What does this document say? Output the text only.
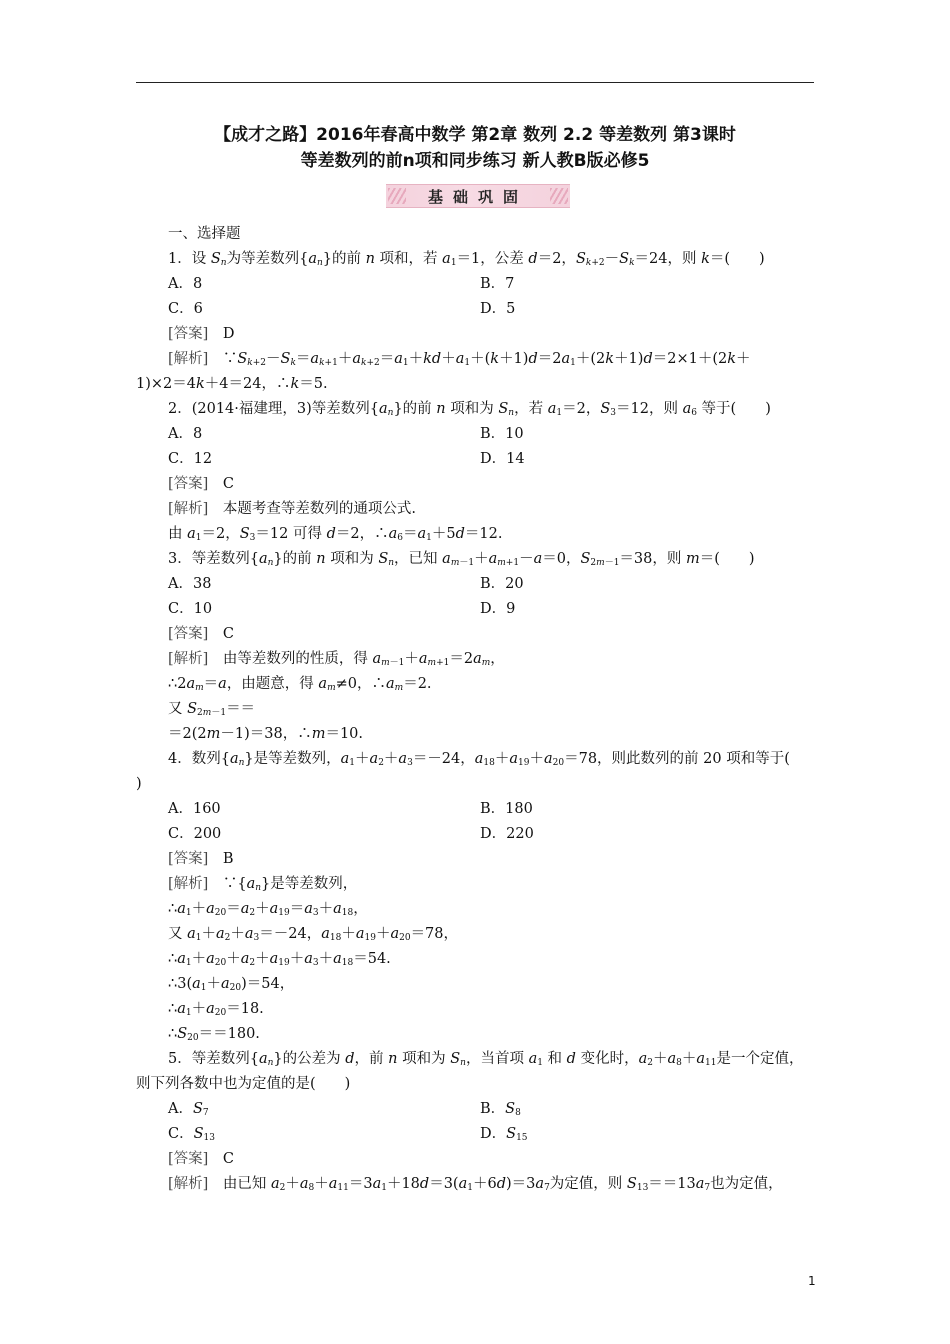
【成才之路】2016年春高中数学 第2章 数列 2.2 等差数列 第3课时
等差数列的前n项和同步练习 新人教B版必修5
基础巩固
一、选择题
1．设 $S_n$为等差数列$\{a_n\}$的前 n 项和，若 $a_1=1$，公差 d＝2，$S_{k+2}-S_k=24$，则 k＝(　　)
A．8	B．7
C．6	D．5
[答案]　D
[解析]　$\because S_{k+2}-S_k=a_{k+1}+a_{k+2}=a_1+kd+a_1+(k+1)d=2a_1+(2k+1)d=2\times 1+(2k+$
1)×2＝4k＋4＝24，∴k＝5.
2．(2014·福建理，3)等差数列$\{a_n\}$的前 n 项和为 $S_n$，若 $a_1=2$，$S_3=12$，则 $a_6$ 等于(　　)
A．8	B．10
C．12	D．14
[答案]　C
[解析]　本题考查等差数列的通项公式.
由 $a_1=2$，$S_3=12$ 可得 d＝2，$\therefore a_6=a_1+5d=12$.
3．等差数列$\{a_n\}$的前 n 项和为 $S_n$，已知 $a_{m-1}+a_{m+1}-a=0$，$S_{2m-1}=38$，则 m＝(　　)
A．38	B．20
C．10	D．9
[答案]　C
[解析]　由等差数列的性质，得 $a_{m-1}+a_{m+1}=2a_m$，
$\therefore 2a_m=a$，由题意，得 $a_m\ne 0$，$\therefore a_m=2$.
又 $S_{2m-1}==$
＝2(2m－1)＝38，∴m＝10.
4．数列$\{a_n\}$是等差数列，$a_1+a_2+a_3=-24$，$a_{18}+a_{19}+a_{20}=78$，则此数列的前 20 项和等于(
)
A．160	B．180
C．200	D．220
[答案]　B
[解析]　$\because\{a_n\}$是等差数列，
$\therefore a_1+a_{20}=a_2+a_{19}=a_3+a_{18}$，
又 $a_1+a_2+a_3=-24$，$a_{18}+a_{19}+a_{20}=78$，
$\therefore a_1+a_{20}+a_2+a_{19}+a_3+a_{18}=54$.
$\therefore 3(a_1+a_{20})=54$，
$\therefore a_1+a_{20}=18$.
$\therefore S_{20}==180$.
5．等差数列$\{a_n\}$的公差为 d，前 n 项和为 $S_n$，当首项 $a_1$ 和 d 变化时，$a_2+a_8+a_{11}$是一个定值，
则下列各数中也为定值的是(　　)
A．$S_7$	B．$S_8$
C．$S_{13}$	D．$S_{15}$
[答案]　C
[解析]　由已知 $a_2+a_8+a_{11}=3a_1+18d=3(a_1+6d)=3a_7$为定值，则 $S_{13}==13a_7$也为定值，
1
